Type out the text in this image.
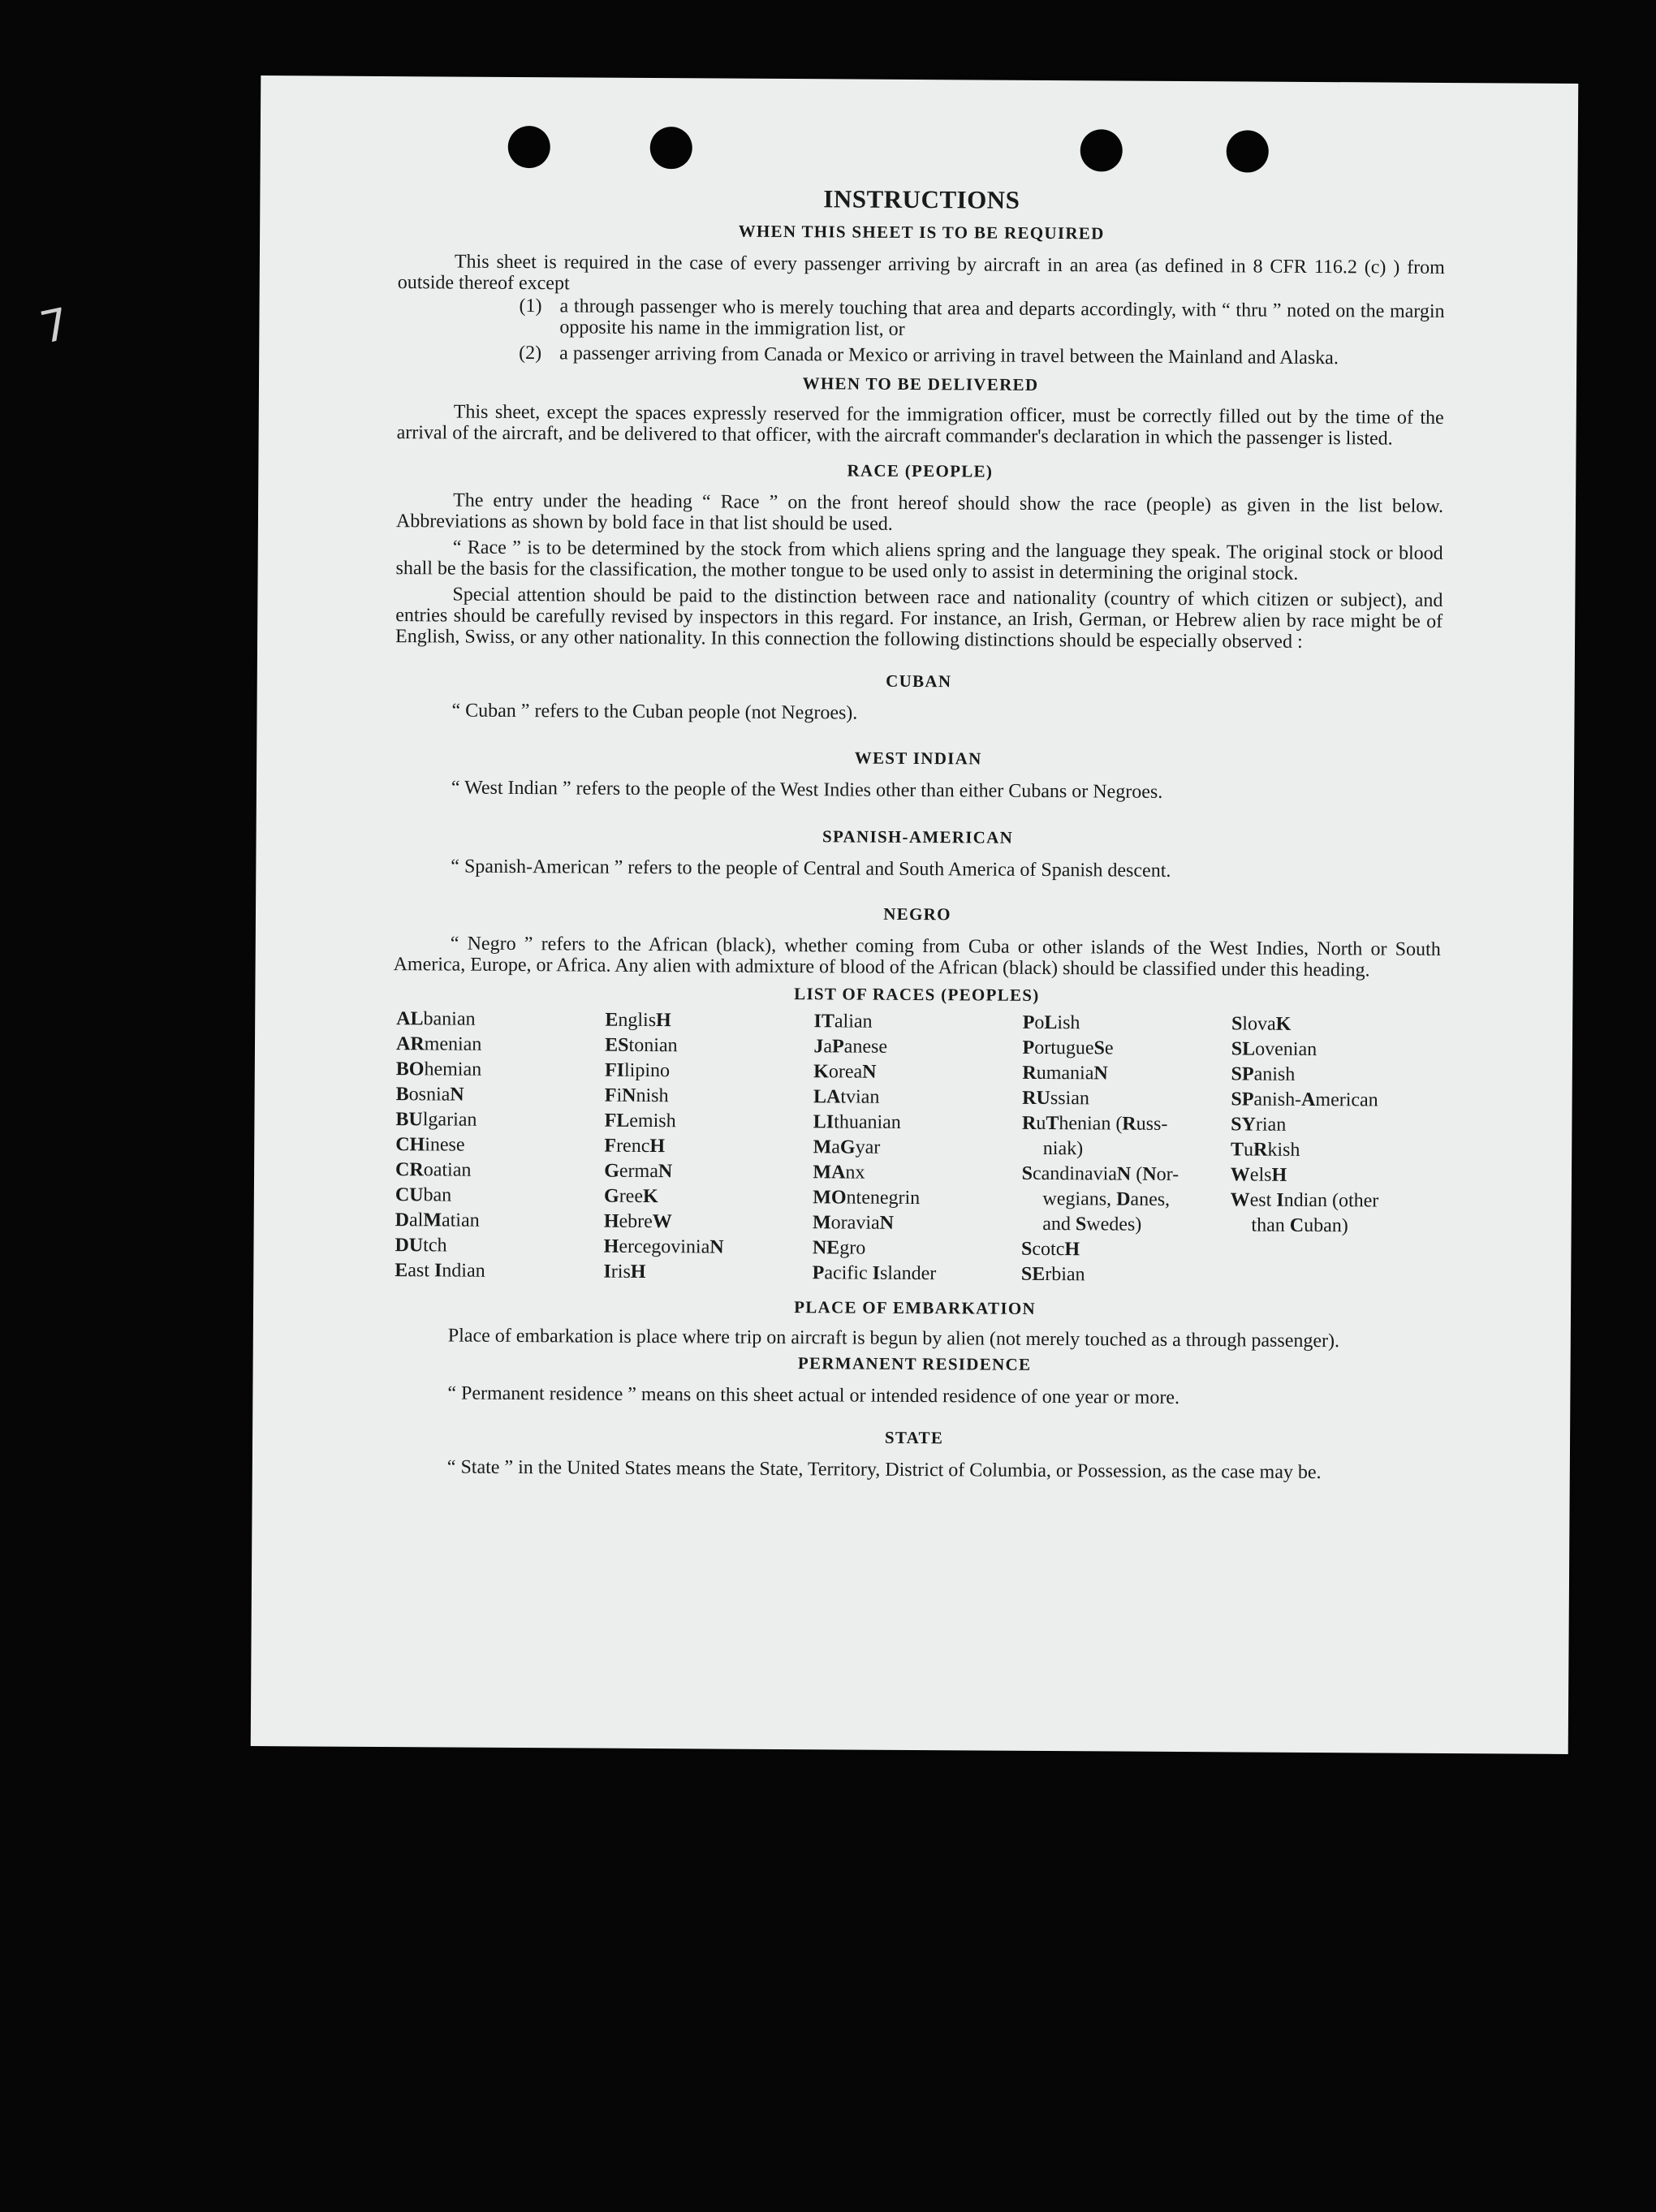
7
INSTRUCTIONS
WHEN THIS SHEET IS TO BE REQUIRED

This sheet is required in the case of every passenger arriving by aircraft in an area (as defined in 8 CFR 116.2 (c) ) from outside thereof except

(1) a through passenger who is merely touching that area and departs accordingly, with “ thru ” noted on the margin opposite his name in the immigration list, or
(2) a passenger arriving from Canada or Mexico or arriving in travel between the Mainland and Alaska.
WHEN TO BE DELIVERED

This sheet, except the spaces expressly reserved for the immigration officer, must be correctly filled out by the time of the arrival of the aircraft, and be delivered to that officer, with the aircraft commander's declaration in which the passenger is listed.

RACE (PEOPLE)

The entry under the heading “ Race ” on the front hereof should show the race (people) as given in the list below. Abbreviations as shown by bold face in that list should be used.

“ Race ” is to be determined by the stock from which aliens spring and the language they speak. The original stock or blood shall be the basis for the classification, the mother tongue to be used only to assist in determining the original stock.

Special attention should be paid to the distinction between race and nationality (country of which citizen or subject), and entries should be carefully revised by inspectors in this regard. For instance, an Irish, German, or Hebrew alien by race might be of English, Swiss, or any other nationality. In this connection the following distinctions should be especially observed :

CUBAN

“ Cuban ” refers to the Cuban people (not Negroes).

WEST INDIAN

“ West Indian ” refers to the people of the West Indies other than either Cubans or Negroes.

SPANISH-AMERICAN

“ Spanish-American ” refers to the people of Central and South America of Spanish descent.

NEGRO

“ Negro ” refers to the African (black), whether coming from Cuba or other islands of the West Indies, North or South America, Europe, or Africa. Any alien with admixture of blood of the African (black) should be classified under this heading.

LIST OF RACES (PEOPLES)
ALbanian
ARmenian
BOhemian
BosniaN
BUlgarian
CHinese
CRoatian
CUban
DalMatian
DUtch
East Indian
EnglisH
EStonian
FIlipino
FiNnish
FLemish
FrencH
GermaN
GreeK
HebreW
HercegoviniaN
IrisH
ITalian
JaPanese
KoreaN
LAtvian
LIthuanian
MaGyar
MAnx
MOntenegrin
MoraviaN
NEgro
Pacific Islander
PoLish
PortugueSe
RumaniaN
RUssian
RuThenian (Russ-
niak)
ScandinaviaN (Nor-
wegians, Danes,
and Swedes)
ScotcH
SErbian
SlovaK
SLovenian
SPanish
SPanish-American
SYrian
TuRkish
WelsH
West Indian (other
than Cuban)
PLACE OF EMBARKATION

Place of embarkation is place where trip on aircraft is begun by alien (not merely touched as a through passenger).

PERMANENT RESIDENCE

“ Permanent residence ” means on this sheet actual or intended residence of one year or more.

STATE

“ State ” in the United States means the State, Territory, District of Columbia, or Possession, as the case may be.
